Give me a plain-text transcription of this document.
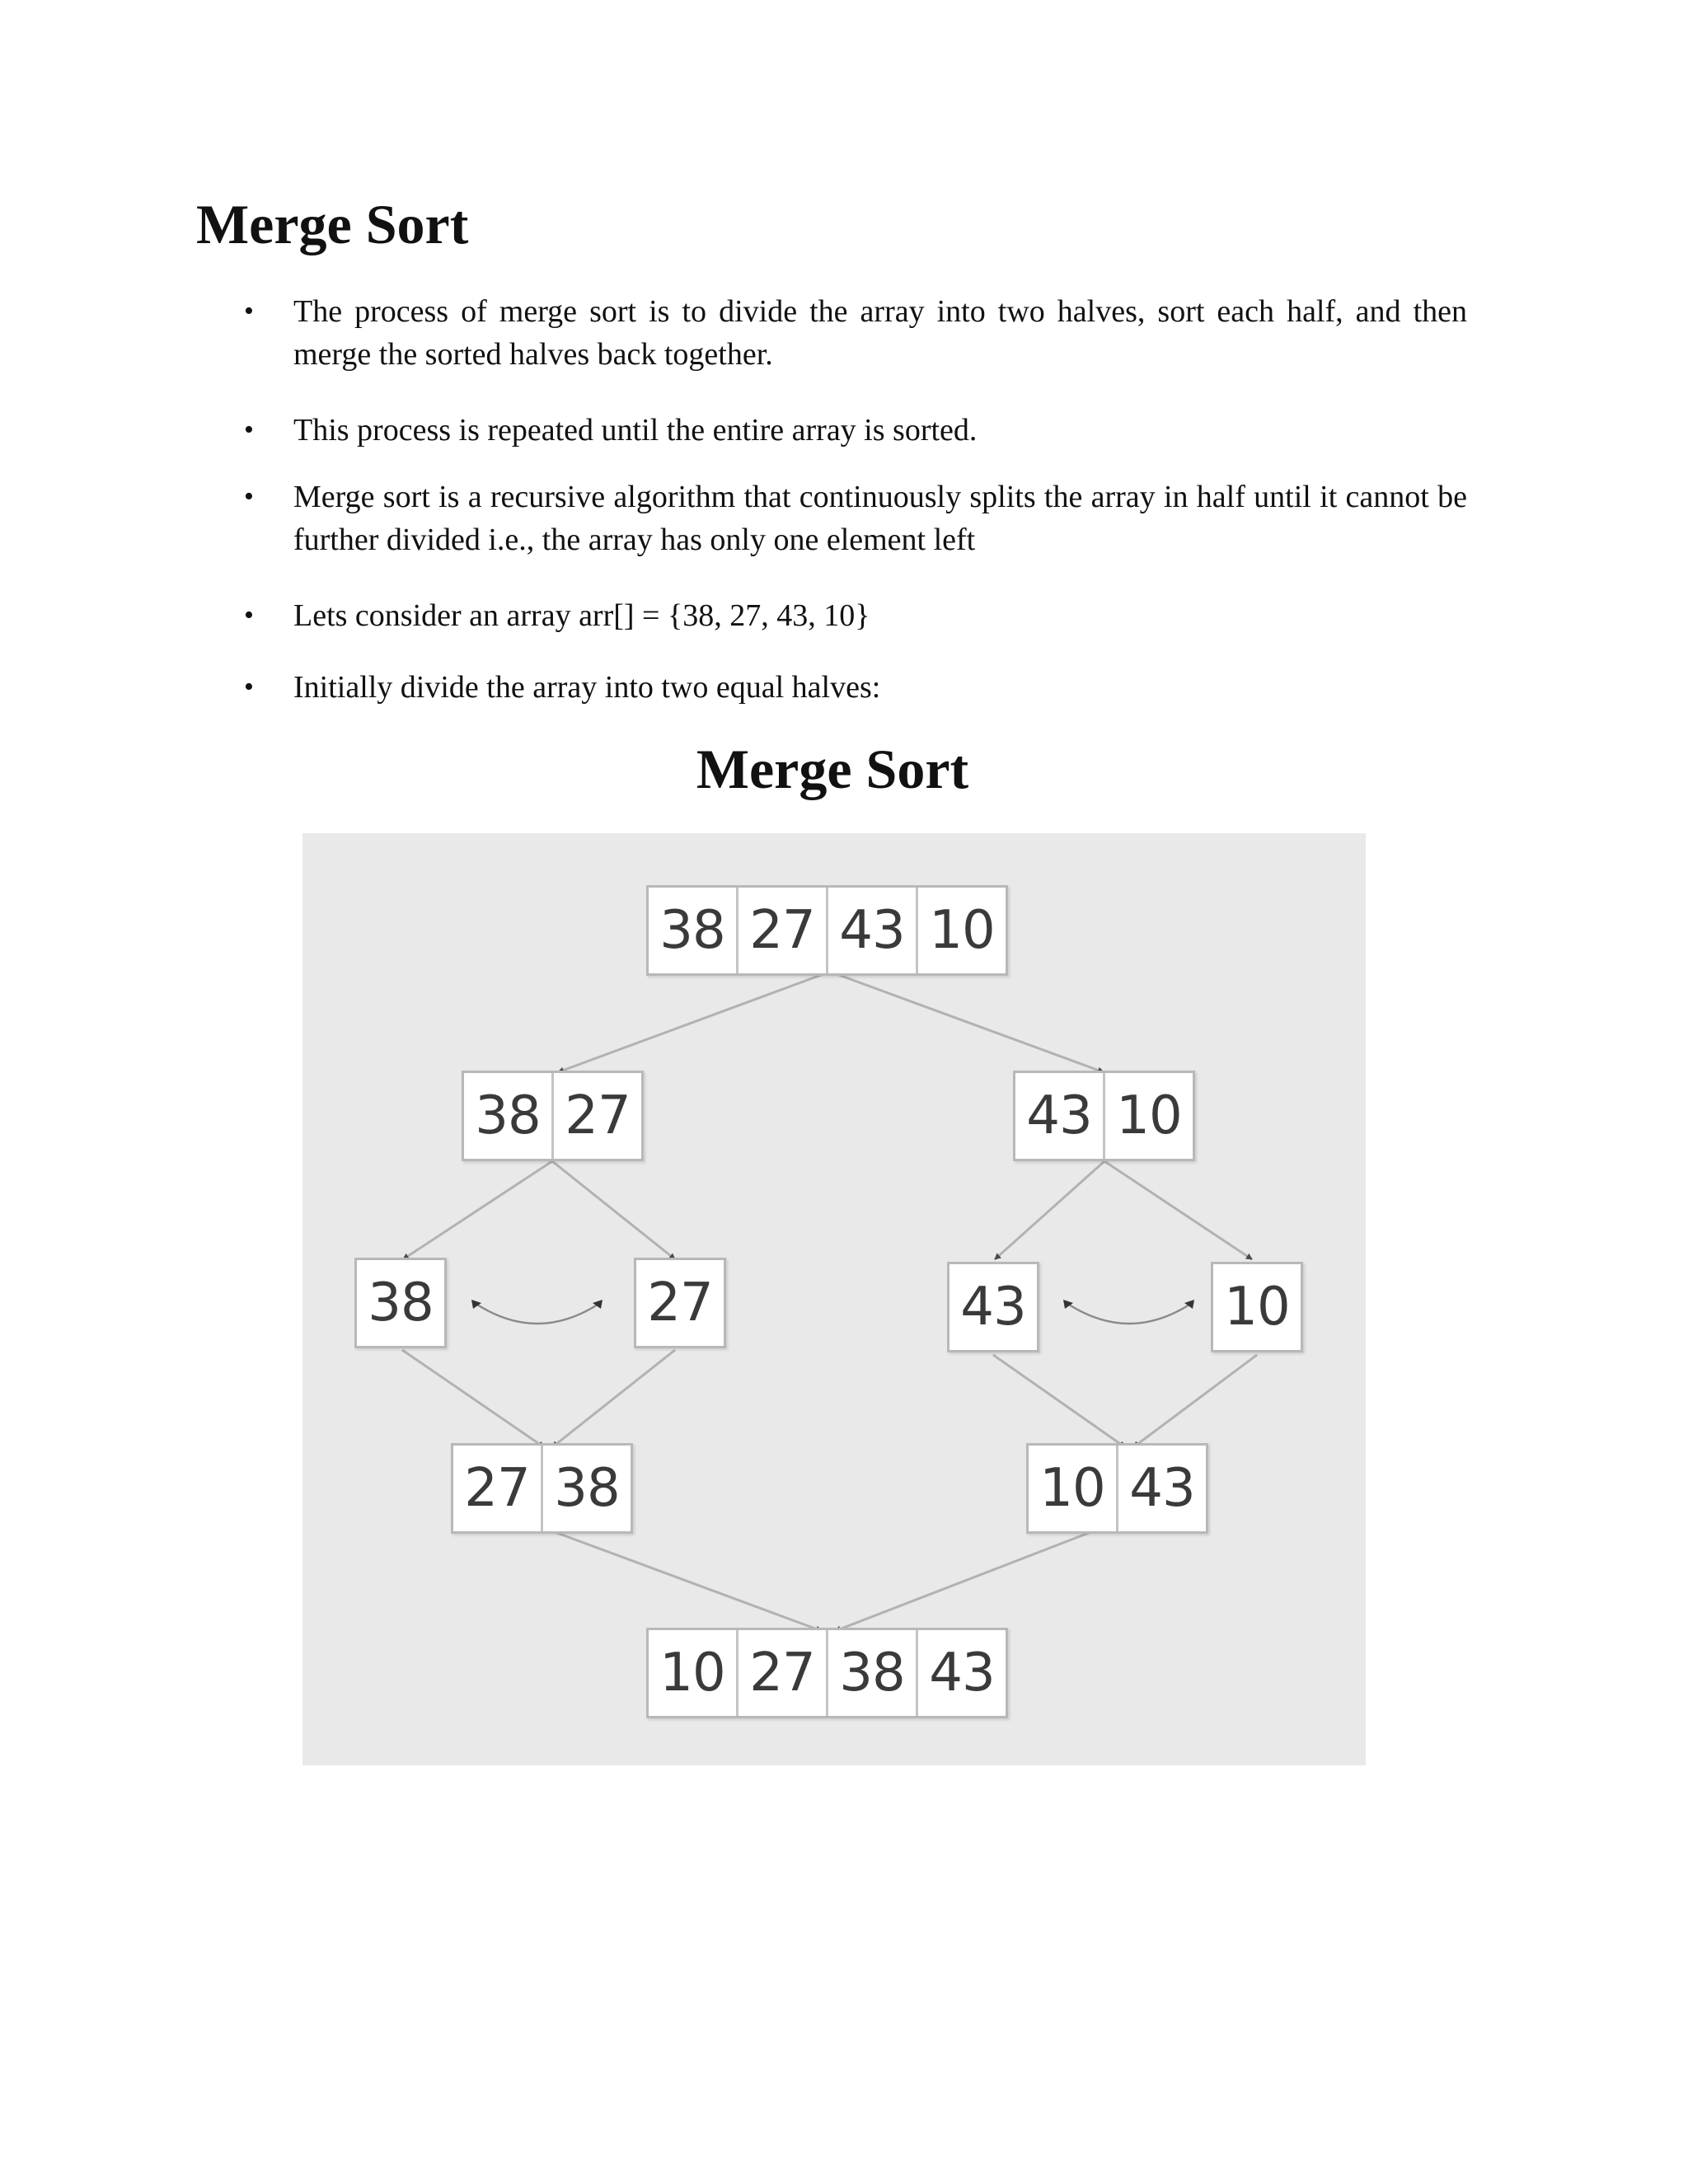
Merge Sort
•	The process of merge sort is to divide the array into two halves, sort each half, and then merge the sorted halves back together.
•	This process is repeated until the entire array is sorted.
•	Merge sort is a recursive algorithm that continuously splits the array in half until it cannot be further divided i.e., the array has only one element left
•	Lets consider an array arr[] = {38, 27, 43, 10}
•	Initially divide the array into two equal halves:
Merge Sort
38 27 43 10
38 27	43 10
38	27	43	10
27 38	10 43
10 27 38 43
